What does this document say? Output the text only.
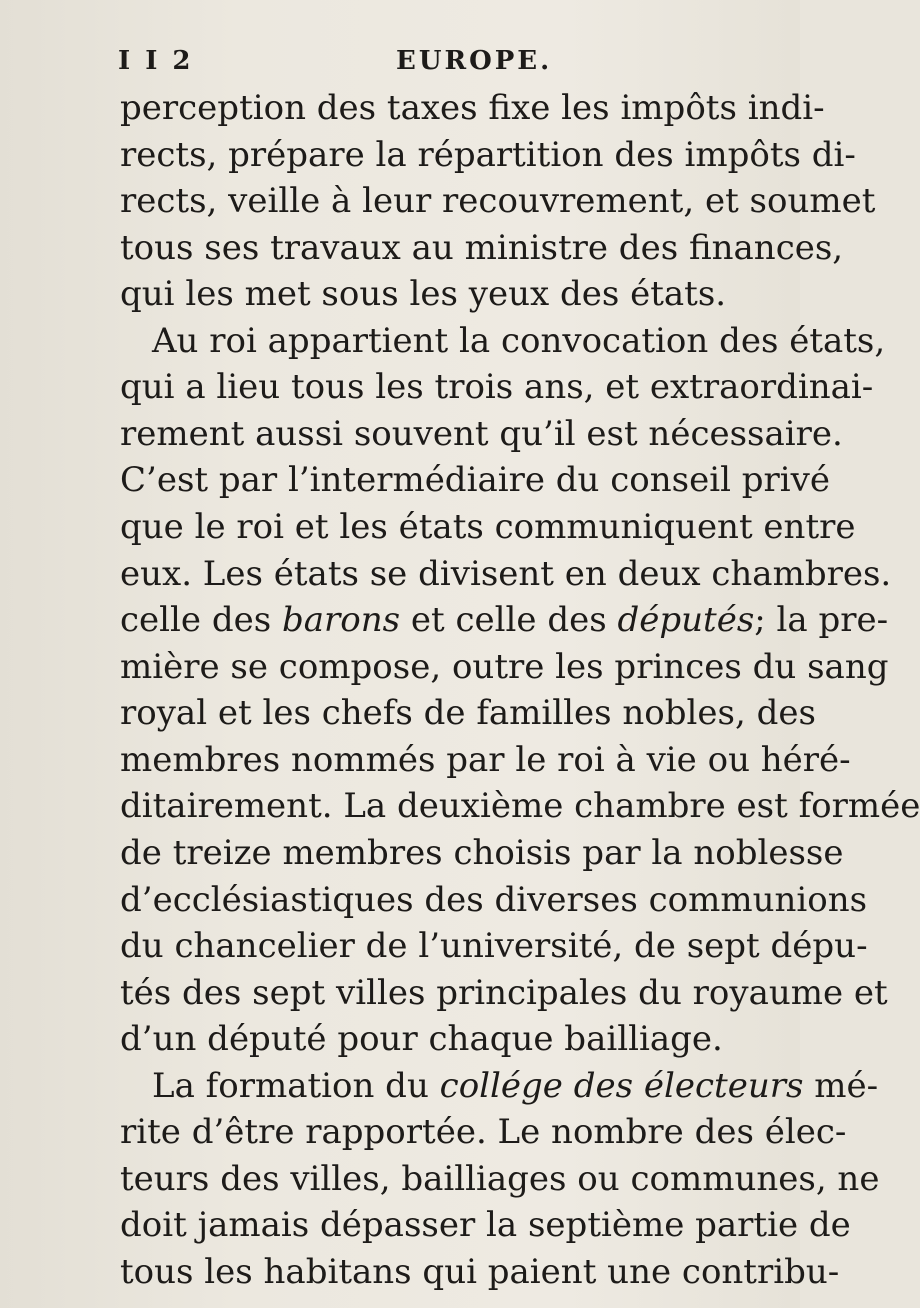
I I 2	EUROPE.
perception des taxes fixe les impôts indi-
rects, prépare la répartition des impôts di-
rects, veille à leur recouvrement, et soumet
tous ses travaux au ministre des finances,
qui les met sous les yeux des états.
Au roi appartient la convocation des états,
qui a lieu tous les trois ans, et extraordinai-
rement aussi souvent qu’il est nécessaire.
C’est par l’intermédiaire du conseil privé
que le roi et les états communiquent entre
eux. Les états se divisent en deux chambres.
celle des barons et celle des députés; la pre-
mière se compose, outre les princes du sang
royal et les chefs de familles nobles, des
membres nommés par le roi à vie ou héré-
ditairement. La deuxième chambre est formée
de treize membres choisis par la noblesse
d’ecclésiastiques des diverses communions
du chancelier de l’université, de sept dépu-
tés des sept villes principales du royaume et
d’un député pour chaque bailliage.
La formation du collége des électeurs mé-
rite d’être rapportée. Le nombre des élec-
teurs des villes, bailliages ou communes, ne
doit jamais dépasser la septième partie de
tous les habitans qui paient une contribu-
